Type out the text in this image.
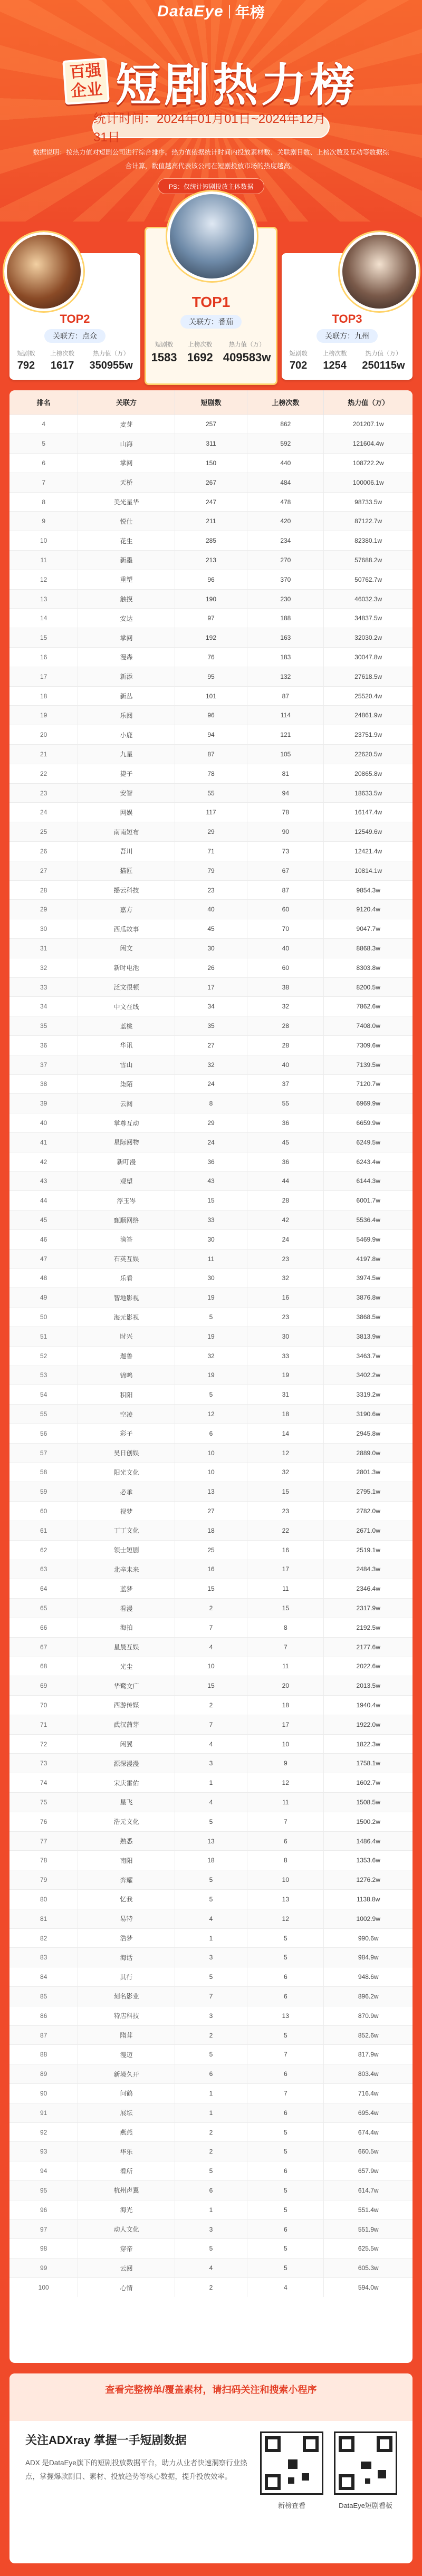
DataEye 年榜
百强
企业 短剧热力榜
统计时间：2024年01月01日~2024年12月31日
数据说明：按热力值对短剧公司进行综合排序。热力值依据统计时间内投放素材数、关联剧目数、上榜次数及互动等数据综合计算，数值越高代表该公司在短剧投放市场的热度越高。
PS：仅统计短剧投放主体数据
TOP2
关联方：点众
短剧数
792
上榜次数
1617
热力值（万）
350955w
TOP1
关联方：番茄
短剧数
1583
上榜次数
1692
热力值（万）
409583w
TOP3
关联方：九州
短剧数
702
上榜次数
1254
热力值（万）
250115w
排名	关联方	短剧数	上榜次数	热力值（万）
4	麦芽	257	862	201207.1w
5	山海	311	592	121604.4w
6	掌阅	150	440	108722.2w
7	天桥	267	484	100006.1w
8	美光星华	247	478	98733.5w
9	悦仕	211	420	87122.7w
10	花生	285	234	82380.1w
11	新墨	213	270	57688.2w
12	重塑	96	370	50762.7w
13	触摸	190	230	46032.3w
14	安达	97	188	34837.5w
15	掌阅	192	163	32030.2w
16	漫森	76	183	30047.8w
17	新添	95	132	27618.5w
18	新丛	101	87	25520.4w
19	乐阅	96	114	24861.9w
20	小鹿	94	121	23751.9w
21	九星	87	105	22620.5w
22	捷子	78	81	20865.8w
23	安智	55	94	18633.5w
24	网娱	117	78	16147.4w
25	南南短布	29	90	12549.6w
26	吾川	71	73	12421.4w
27	猫匠	79	67	10814.1w
28	摇云科技	23	87	9854.3w
29	嘉方	40	60	9120.4w
30	西瓜故事	45	70	9047.7w
31	闲文	30	40	8868.3w
32	新时电池	26	60	8303.8w
33	泛文很顿	17	38	8200.5w
34	中文在线	34	32	7862.6w
35	蓝桃	35	28	7408.0w
36	华讯	27	28	7309.6w
37	雪山	32	40	7139.5w
38	柒陌	24	37	7120.7w
39	云阅	8	55	6969.9w
40	掌尊互动	29	36	6659.9w
41	星际阅物	24	45	6249.5w
42	新叮漫	36	36	6243.4w
43	观望	43	44	6144.3w
44	浮玉岑	15	28	6001.7w
45	甄顺网络	33	42	5536.4w
46	滴答	30	24	5469.9w
47	石英互娱	11	23	4197.8w
48	乐看	30	32	3974.5w
49	智地影视	19	16	3876.8w
50	海元影视	5	23	3868.5w
51	时兴	19	30	3813.9w
52	迦鲁	32	33	3463.7w
53	锦鸣	19	19	3402.2w
54	积阳	5	31	3319.2w
55	空凌	12	18	3190.6w
56	彩子	6	14	2945.8w
57	昊日创娱	10	12	2889.0w
58	阳光文化	10	32	2801.3w
59	必承	13	15	2795.1w
60	视梦	27	23	2782.0w
61	丁丁文化	18	22	2671.0w
62	领士短剧	25	16	2519.1w
63	北辛未来	16	17	2484.3w
64	蓝梦	15	11	2346.4w
65	看漫	2	15	2317.9w
66	海拍	7	8	2192.5w
67	星晨互娱	4	7	2177.6w
68	光尘	10	11	2022.6w
69	华鹭文广	15	20	2013.5w
70	西游传媒	2	18	1940.4w
71	武汉蒲芽	7	17	1922.0w
72	闲翼	4	10	1822.3w
73	源深漫漫	3	9	1758.1w
74	宋庆雷佑	1	12	1602.7w
75	星飞	4	11	1508.5w
76	浩元文化	5	7	1500.2w
77	熟悉	13	6	1486.4w
78	南阳	18	8	1353.6w
79	弈耀	5	10	1276.2w
80	忆我	5	13	1138.8w
81	易特	4	12	1002.9w
82	浩梦	1	5	990.6w
83	海话	3	5	984.9w
84	其行	5	6	948.6w
85	刻名影业	7	6	896.2w
86	特店科技	3	13	870.9w
87	隋茸	2	5	852.6w
88	漫迈	5	7	817.9w
89	新境久开	6	6	803.4w
90	问鹤	1	7	716.4w
91	展坛	1	6	695.4w
92	燕燕	2	5	674.4w
93	华乐	2	5	660.5w
94	看所	5	6	657.9w
95	杭州声翼	6	5	614.7w
96	海光	1	5	551.4w
97	动人文化	3	6	551.9w
98	穿帝	5	5	625.5w
99	云阅	4	5	605.3w
100	心情	2	4	594.0w
查看完整榜单/覆盖素材，请扫码关注和搜索小程序
关注ADXray 掌握一手短剧数据
ADX 是DataEye旗下的短剧投放数据平台，助力从业者快速洞察行业热点，掌握爆款剧目、素材、投放趋势等核心数据，提升投放效率。
新榜查看	DataEye短剧看板
